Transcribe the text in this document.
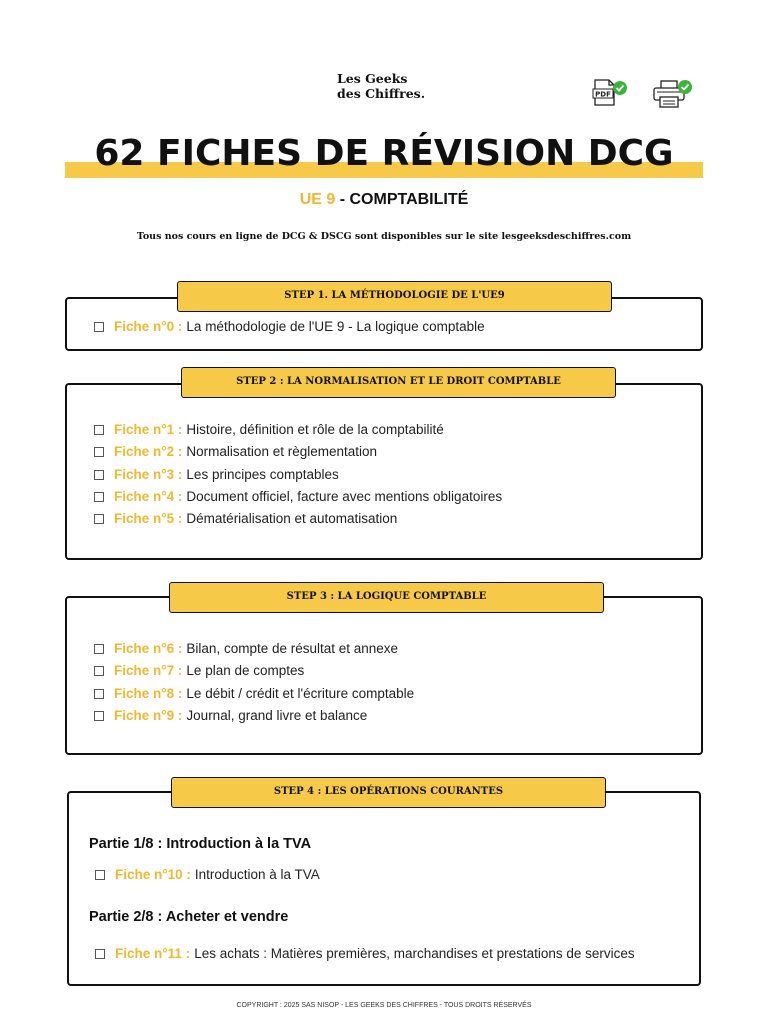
Les Geeks
des Chiffres.	PDF
62 FICHES DE RÉVISION DCG
UE 9 - COMPTABILITÉ
Tous nos cours en ligne de DCG & DSCG sont disponibles sur le site lesgeeksdeschiffres.com
STEP 1. LA MÉTHODOLOGIE DE L'UE9
Fiche n°0 : La méthodologie de l'UE 9 - La logique comptable
STEP 2 : LA NORMALISATION ET LE DROIT COMPTABLE
Fiche n°1 : Histoire, définition et rôle de la comptabilité
Fiche n°2 : Normalisation et règlementation
Fiche n°3 : Les principes comptables
Fiche n°4 : Document officiel, facture avec mentions obligatoires
Fiche n°5 : Dématérialisation et automatisation
STEP 3 : LA LOGIQUE COMPTABLE
Fiche n°6 : Bilan, compte de résultat et annexe
Fiche n°7 : Le plan de comptes
Fiche n°8 : Le débit / crédit et l'écriture comptable
Fiche n°9 : Journal, grand livre et balance
STEP 4 : LES OPÉRATIONS COURANTES
Partie 1/8 : Introduction à la TVA
Fiche n°10 : Introduction à la TVA
Partie 2/8 : Acheter et vendre
Fiche n°11 : Les achats : Matières premières, marchandises et prestations de services
COPYRIGHT : 2025 SAS NISOP - LES GEEKS DES CHIFFRES - TOUS DROITS RÉSERVÉS
